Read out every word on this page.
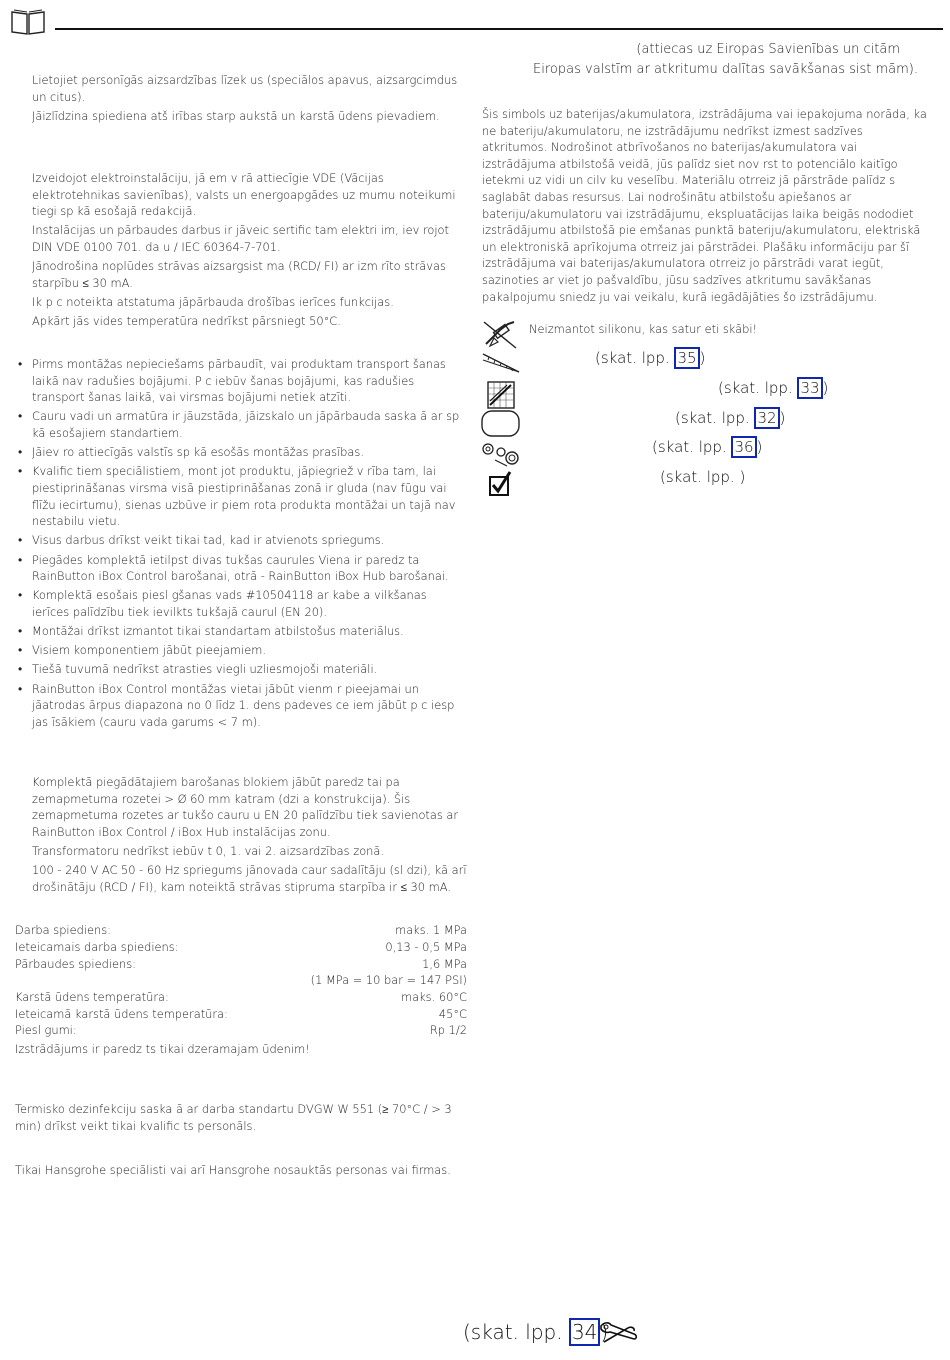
Lietojiet personīgās aizsardzības līzek us (speciālos apavus, aizsargcimdus un citus).

Jāizlīdzina spiediena atš irības starp aukstā un karstā ūdens pievadiem.

Izveidojot elektroinstalāciju, jā em v rā attiecīgie VDE (Vācijas elektrotehnikas savienības), valsts un energoapgādes uz mumu noteikumi tiegi sp kā esošajā redakcijā.

Instalācijas un pārbaudes darbus ir jāveic sertific tam elektri im, iev rojot DIN VDE 0100 701. da u / IEC 60364-7-701.

Jānodrošina noplūdes strāvas aizsargsist ma (RCD/ FI) ar izm rīto strāvas starpību ≤ 30 mA.

Ik p c noteikta atstatuma jāpārbauda drošības ierīces funkcijas.

Apkārt jās vides temperatūra nedrīkst pārsniegt 50°C.

• Pirms montāžas nepieciešams pārbaudīt, vai produktam transport šanas laikā nav radušies bojājumi. P c iebūv šanas bojājumi, kas radušies transport šanas laikā, vai virsmas bojājumi netiek atzīti.
• Cauru vadi un armatūra ir jāuzstāda, jāizskalo un jāpārbauda saska ā ar sp kā esošajiem standartiem.
• Jāiev ro attiecīgās valstīs sp kā esošās montāžas prasības.
• Kvalific tiem speciālistiem, mont jot produktu, jāpiegriež v rība tam, lai piestiprināšanas virsma visā piestiprināšanas zonā ir gluda (nav fūgu vai flīžu iecirtumu), sienas uzbūve ir piem rota produkta montāžai un tajā nav nestabilu vietu.
• Visus darbus drīkst veikt tikai tad, kad ir atvienots spriegums.
• Piegādes komplektā ietilpst divas tukšas caurules Viena ir paredz ta RainButton iBox Control barošanai, otrā - RainButton iBox Hub barošanai.
• Komplektā esošais piesl gšanas vads #10504118 ar kabe a vilkšanas ierīces palīdzību tiek ievilkts tukšajā caurul (EN 20).
• Montāžai drīkst izmantot tikai standartam atbilstošus materiālus.
• Visiem komponentiem jābūt pieejamiem.
• Tiešā tuvumā nedrīkst atrasties viegli uzliesmojoši materiāli.
• RainButton iBox Control montāžas vietai jābūt vienm r pieejamai un jāatrodas ārpus diapazona no 0 līdz 1. dens padeves ce iem jābūt p c iesp jas īsākiem (cauru vada garums < 7 m).

Komplektā piegādātajiem barošanas blokiem jābūt paredz tai pa zemapmetuma rozetei > Ø 60 mm katram (dzi a konstrukcija). Šis zemapmetuma rozetes ar tukšo cauru u EN 20 palīdzību tiek savienotas ar RainButton iBox Control / iBox Hub instalācijas zonu.

Transformatoru nedrīkst iebūv t 0, 1. vai 2. aizsardzības zonā.

100 - 240 V AC 50 - 60 Hz spriegums jānovada caur sadalītāju (sl dzi), kā arī drošinātāju (RCD / FI), kam noteiktā strāvas stipruma starpība ir ≤ 30 mA.

Darba spiediens:	maks. 1 MPa
Ieteicamais darba spiediens:	0,13 - 0,5 MPa
Pārbaudes spiediens:	1,6 MPa
(1 MPa = 10 bar = 147 PSI)
Karstā ūdens temperatūra:	maks. 60°C
Ieteicamā karstā ūdens temperatūra:	45°C
Piesl gumi:	Rp 1/2
Izstrādājums ir paredz ts tikai dzeramajam ūdenim!
Termisko dezinfekciju saska ā ar darba standartu DVGW W 551 (≥ 70°C / > 3 min) drīkst veikt tikai kvalific ts personāls.
Tikai Hansgrohe speciālisti vai arī Hansgrohe nosauktās personas vai firmas.
(attiecas uz Eiropas Savienības un citām
Eiropas valstīm ar atkritumu dalītas savākšanas sist mām).
Šis simbols uz baterijas/akumulatora, izstrādājuma vai iepakojuma norāda, ka ne bateriju/akumulatoru, ne izstrādājumu nedrīkst izmest sadzīves atkritumos. Nodrošinot atbrīvošanos no baterijas/akumulatora vai izstrādājuma atbilstošā veidā, jūs palīdz siet nov rst to potenciālo kaitīgo ietekmi uz vidi un cilv ku veselību. Materiālu otrreiz jā pārstrāde palīdz s saglabāt dabas resursus. Lai nodrošinātu atbilstošu apiešanos ar bateriju/akumulatoru vai izstrādājumu, ekspluatācijas laika beigās nododiet izstrādājumu atbilstošā pie emšanas punktā bateriju/akumulatoru, elektriskā un elektroniskā aprīkojuma otrreiz jai pārstrādei. Plašāku informāciju par šī izstrādājuma vai baterijas/akumulatora otrreiz jo pārstrādi varat iegūt, sazinoties ar viet jo pašvaldību, jūsu sadzīves atkritumu savākšanas pakalpojumu sniedz ju vai veikalu, kurā iegādājāties šo izstrādājumu.
Neizmantot silikonu, kas satur eti skābi!
(skat. lpp. 35 )
(skat. lpp. 33 )
(skat. lpp. 32 )
(skat. lpp. 36 )
(skat. lpp. )
(skat. lpp. 34 )
